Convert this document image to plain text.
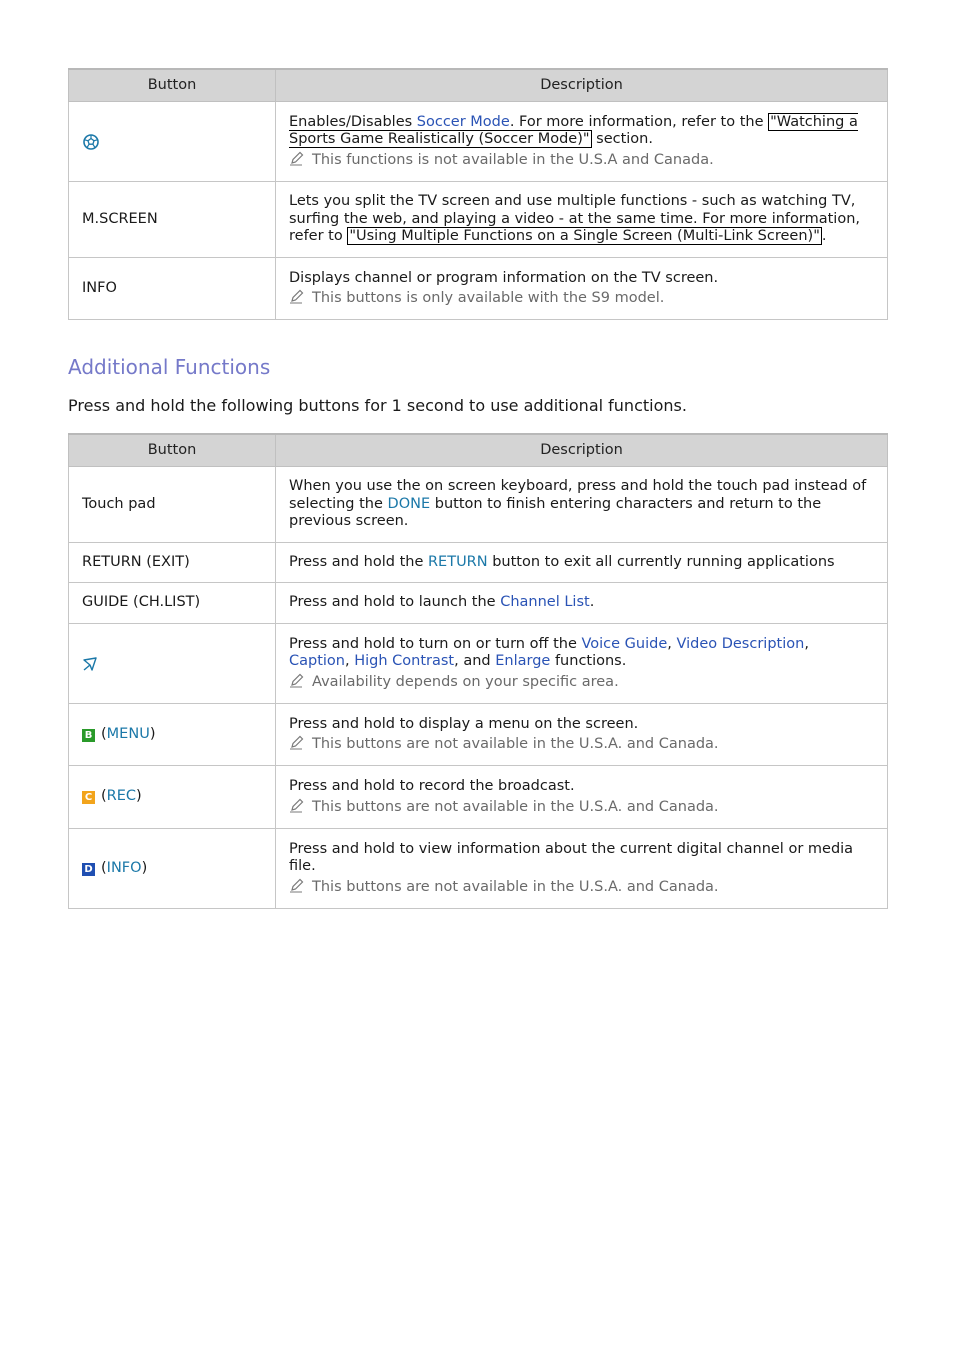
Button	Description

	Enables/Disables Soccer Mode. For more information, refer to the "Watching a Sports Game Realistically (Soccer Mode)" section.
This functions is not available in the U.S.A and Canada.

M.SCREEN	Lets you split the TV screen and use multiple functions - such as watching TV, surfing the web, and playing a video - at the same time. For more information, refer to "Using Multiple Functions on a Single Screen (Multi-Link Screen)" .
INFO	Displays channel or program information on the TV screen.
This buttons is only available with the S9 model.
Additional Functions

Press and hold the following buttons for 1 second to use additional functions.

Button	Description
Touch pad	When you use the on screen keyboard, press and hold the touch pad instead of selecting the DONE button to finish entering characters and return to the previous screen.
RETURN (EXIT)	Press and hold the RETURN button to exit all currently running applications
GUIDE (CH.LIST)	Press and hold to launch the Channel List.

	Press and hold to turn on or turn off the Voice Guide, Video Description, Caption, High Contrast, and Enlarge functions.
Availability depends on your specific area.

B (MENU)	Press and hold to display a menu on the screen.
This buttons are not available in the U.S.A. and Canada.

C (REC)	Press and hold to record the broadcast.
This buttons are not available in the U.S.A. and Canada.

D (INFO)	Press and hold to view information about the current digital channel or media file.
This buttons are not available in the U.S.A. and Canada.
